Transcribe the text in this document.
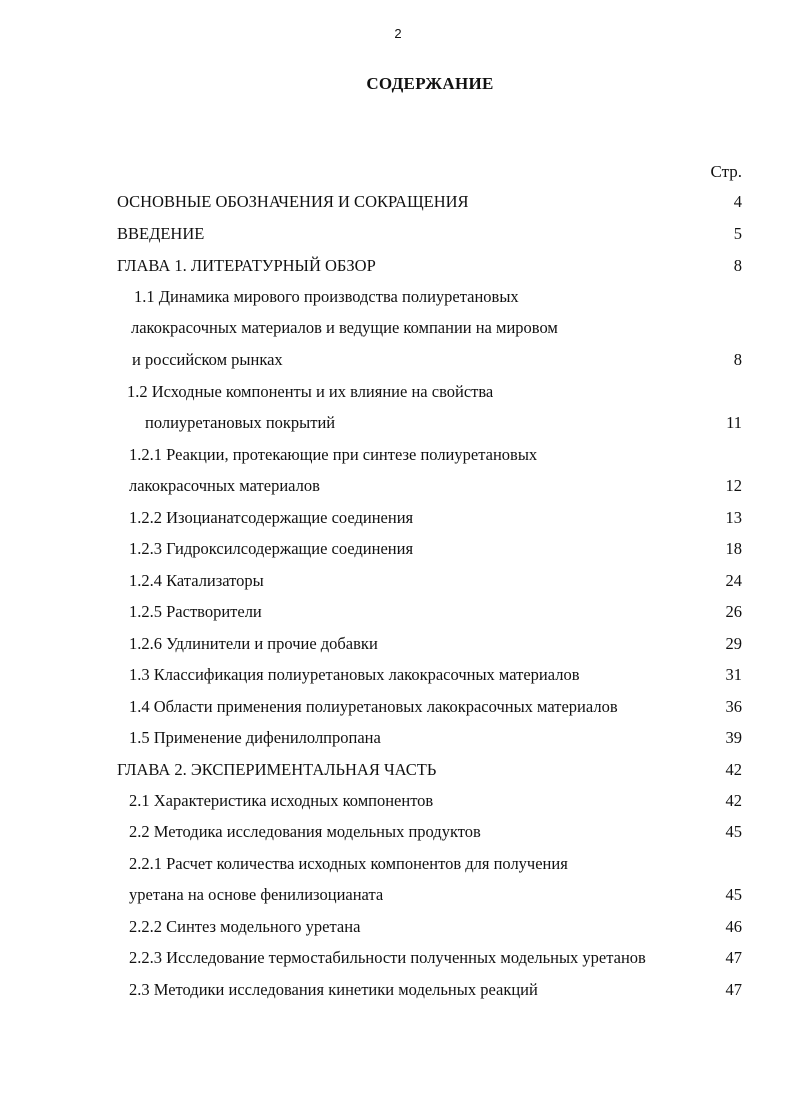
2
СОДЕРЖАНИЕ
Стр.
ОСНОВНЫЕ ОБОЗНАЧЕНИЯ И СОКРАЩЕНИЯ	4
ВВЕДЕНИЕ	5
ГЛАВА 1. ЛИТЕРАТУРНЫЙ ОБЗОР	8
1.1 Динамика мирового производства полиуретановых
лакокрасочных материалов и ведущие компании на мировом
и российском рынках	8
1.2 Исходные компоненты и их влияние на свойства
полиуретановых покрытий	11
1.2.1 Реакции, протекающие при синтезе полиуретановых
лакокрасочных материалов	12
1.2.2 Изоцианатсодержащие соединения	13
1.2.3 Гидроксилсодержащие соединения	18
1.2.4 Катализаторы	24
1.2.5 Растворители	26
1.2.6 Удлинители и прочие добавки	29
1.3 Классификация полиуретановых лакокрасочных материалов	31
1.4 Области применения полиуретановых лакокрасочных материалов	36
1.5 Применение дифенилолпропана	39
ГЛАВА 2. ЭКСПЕРИМЕНТАЛЬНАЯ ЧАСТЬ	42
2.1 Характеристика исходных компонентов	42
2.2 Методика исследования модельных продуктов	45
2.2.1 Расчет количества исходных компонентов для получения
уретана на основе фенилизоцианата	45
2.2.2 Синтез модельного уретана	46
2.2.3 Исследование термостабильности полученных модельных уретанов	47
2.3 Методики исследования кинетики модельных реакций	47
